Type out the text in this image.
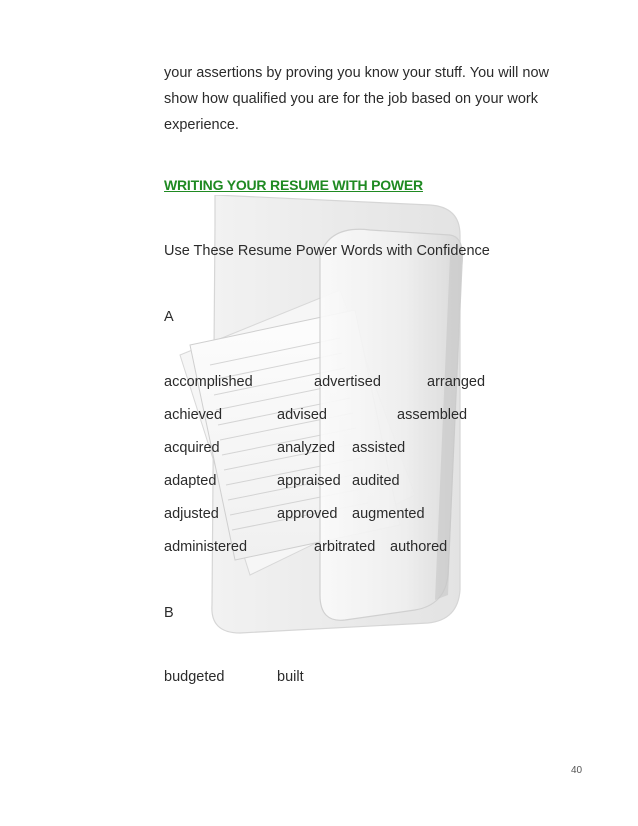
your assertions by proving you know your stuff. You will now
show how qualified you are for the job based on your work
experience.
WRITING YOUR RESUME WITH POWER
Use These Resume Power Words with Confidence
A
accomplished	advertised	arranged
achieved	advised	assembled
acquired	analyzed assisted
adapted	appraised audited
adjusted	approved augmented
administered	arbitrated authored
B
budgeted	built
40
